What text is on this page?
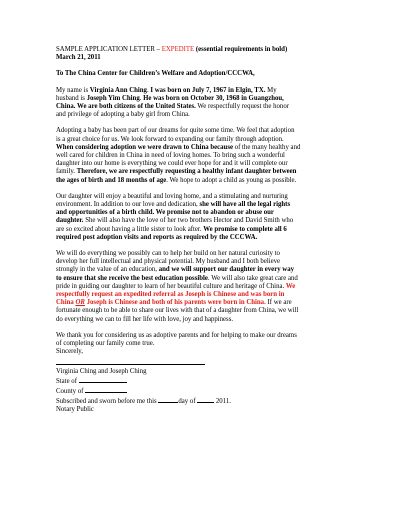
SAMPLE APPLICATION LETTER – EXPEDITE (essential requirements in bold)
March 21, 2011
To The China Center for Children’s Welfare and Adoption/CCCWA,
My name is Virginia Ann Ching. I was born on July 7, 1967 in Elgin, TX. My
husband is Joseph Yim Ching. He was born on October 30, 1968 in Guangzhou,
China. We are both citizens of the United States. We respectfully request the honor
and privilege of adopting a baby girl from China.
Adopting a baby has been part of our dreams for quite some time. We feel that adoption
is a great choice for us. We look forward to expanding our family through adoption.
When considering adoption we were drawn to China because of the many healthy and
well cared for children in China in need of loving homes. To bring such a wonderful
daughter into our home is everything we could ever hope for and it will complete our
family. Therefore, we are respectfully requesting a healthy infant daughter between
the ages of birth and 18 months of age. We hope to adopt a child as young as possible.
Our daughter will enjoy a beautiful and loving home, and a stimulating and nurturing
environment. In addition to our love and dedication, she will have all the legal rights
and opportunities of a birth child. We promise not to abandon or abuse our
daughter. She will also have the love of her two brothers Hector and David Smith who
are so excited about having a little sister to look after. We promise to complete all 6
required post adoption visits and reports as required by the CCCWA.
We will do everything we possibly can to help her build on her natural curiosity to
develop her full intellectual and physical potential. My husband and I both believe
strongly in the value of an education, and we will support our daughter in every way
to ensure that she receive the best education possible. We will also take great care and
pride in guiding our daughter to learn of her beautiful culture and heritage of China. We
respectfully request an expedited referral as Joseph is Chinese and was born in
China OR Joseph is Chinese and both of his parents were born in China. If we are
fortunate enough to be able to share our lives with that of a daughter from China, we will
do everything we can to fill her life with love, joy and happiness.
We thank you for considering us as adoptive parents and for helping to make our dreams
of completing our family come true.
Sincerely,
Virginia Ching and Joseph Ching
State of
County of
Subscribed and sworn before me this	day of	2011.
Notary Public
